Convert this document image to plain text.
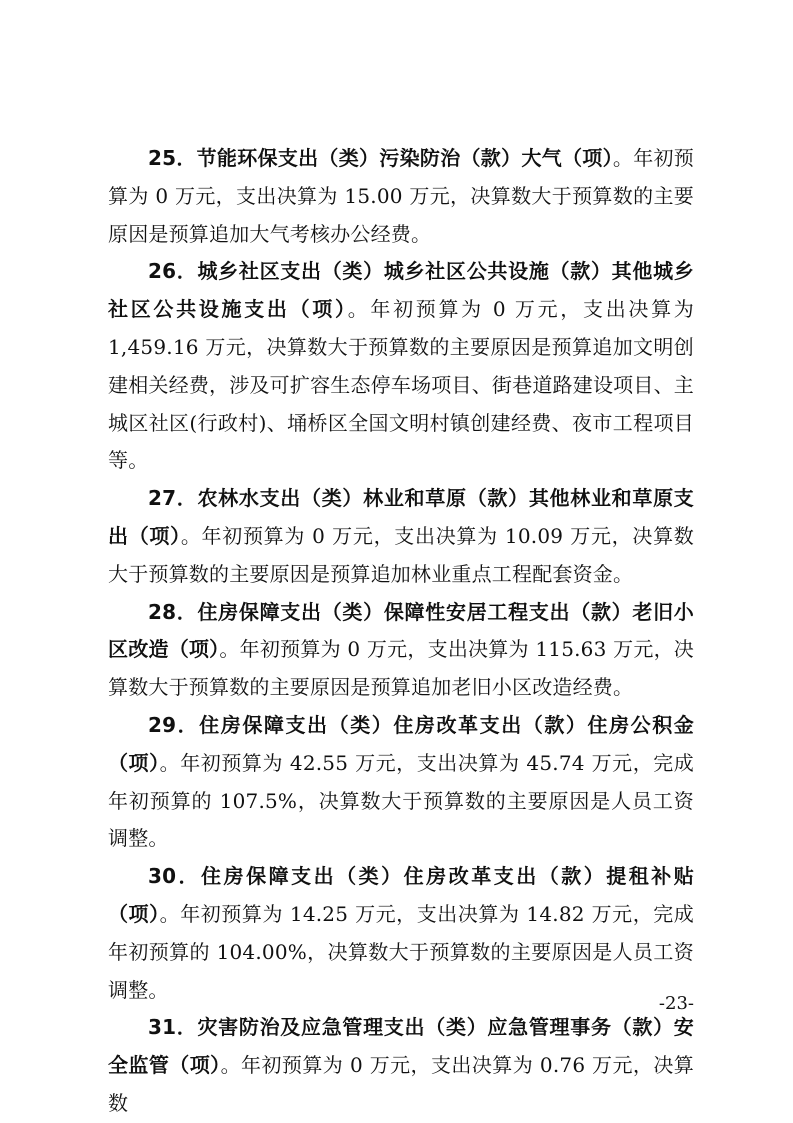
25．节能环保支出（类）污染防治（款）大气（项）。年初预算为 0 万元，支出决算为 15.00 万元，决算数大于预算数的主要原因是预算追加大气考核办公经费。

26．城乡社区支出（类）城乡社区公共设施（款）其他城乡社区公共设施支出（项）。年初预算为 0 万元，支出决算为 1,459.16 万元，决算数大于预算数的主要原因是预算追加文明创建相关经费，涉及可扩容生态停车场项目、街巷道路建设项目、主城区社区(行政村)、埇桥区全国文明村镇创建经费、夜市工程项目等。

27．农林水支出（类）林业和草原（款）其他林业和草原支出（项）。年初预算为 0 万元，支出决算为 10.09 万元，决算数大于预算数的主要原因是预算追加林业重点工程配套资金。

28．住房保障支出（类）保障性安居工程支出（款）老旧小区改造（项）。年初预算为 0 万元，支出决算为 115.63 万元，决算数大于预算数的主要原因是预算追加老旧小区改造经费。

29．住房保障支出（类）住房改革支出（款）住房公积金（项）。年初预算为 42.55 万元，支出决算为 45.74 万元，完成年初预算的 107.5%，决算数大于预算数的主要原因是人员工资调整。

30．住房保障支出（类）住房改革支出（款）提租补贴（项）。年初预算为 14.25 万元，支出决算为 14.82 万元，完成年初预算的 104.00%，决算数大于预算数的主要原因是人员工资调整。

31．灾害防治及应急管理支出（类）应急管理事务（款）安全监管（项）。年初预算为 0 万元，支出决算为 0.76 万元，决算数

-23-
